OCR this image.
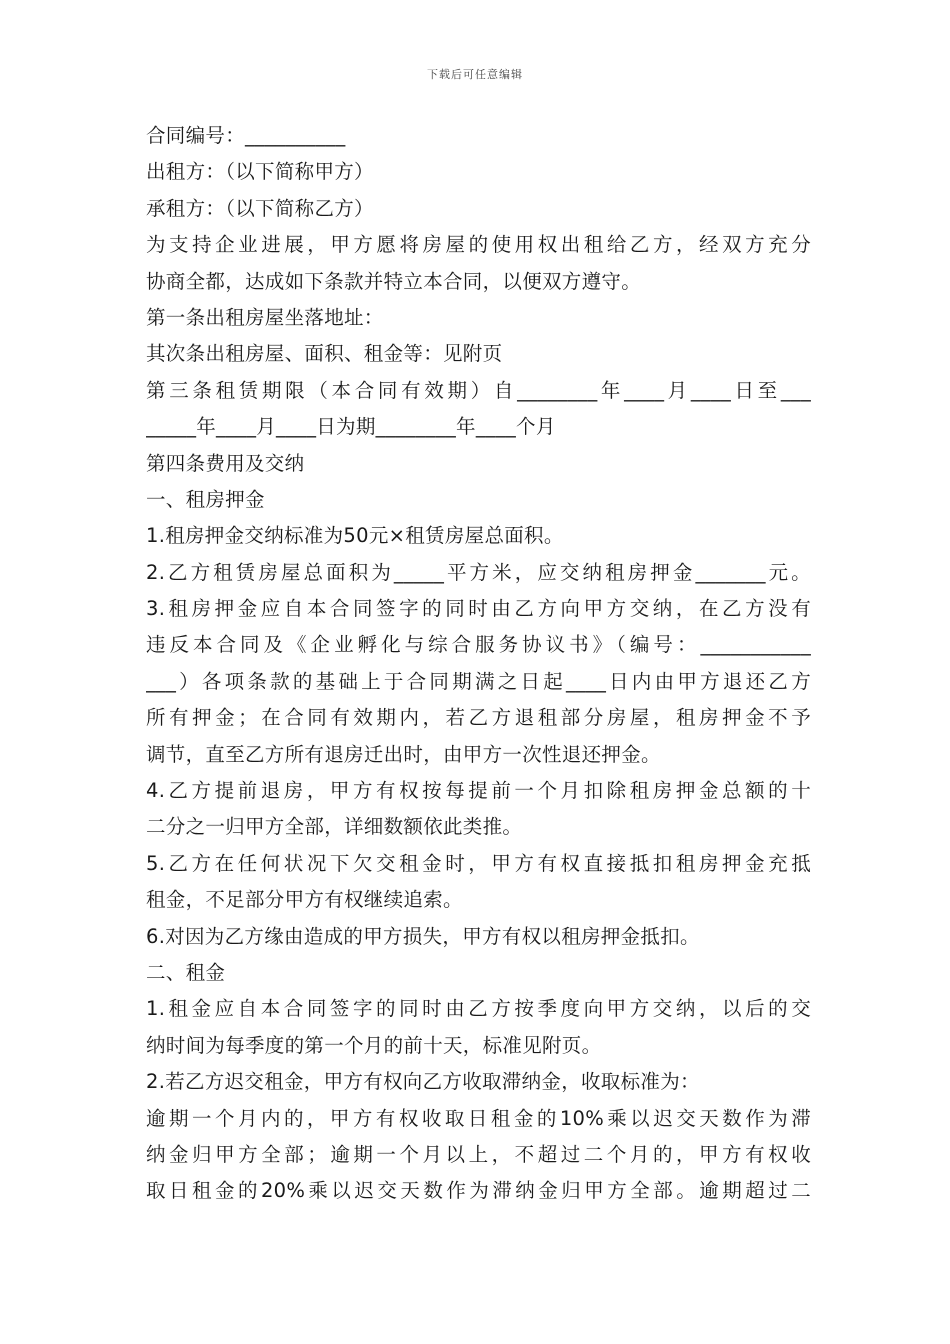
下载后可任意编辑
合同编号：__________
出租方：（以下简称甲方）
承租方：（以下简称乙方）
为支持企业进展，甲方愿将房屋的使用权出租给乙方，经双方充分
协商全都，达成如下条款并特立本合同，以便双方遵守。
第一条出租房屋坐落地址：
其次条出租房屋、面积、租金等：见附页
第三条租赁期限（本合同有效期）自________年____月____日至___
_____年____月____日为期________年____个月
第四条费用及交纳
一、租房押金
1.租房押金交纳标准为50元×租赁房屋总面积。
2.乙方租赁房屋总面积为_____平方米，应交纳租房押金_______元。
3.租房押金应自本合同签字的同时由乙方向甲方交纳，在乙方没有
违反本合同及《企业孵化与综合服务协议书》（编号：___________
___）各项条款的基础上于合同期满之日起____日内由甲方退还乙方
所有押金；在合同有效期内，若乙方退租部分房屋，租房押金不予
调节，直至乙方所有退房迁出时，由甲方一次性退还押金。
4.乙方提前退房，甲方有权按每提前一个月扣除租房押金总额的十
二分之一归甲方全部，详细数额依此类推。
5.乙方在任何状况下欠交租金时，甲方有权直接抵扣租房押金充抵
租金，不足部分甲方有权继续追索。
6.对因为乙方缘由造成的甲方损失，甲方有权以租房押金抵扣。
二、租金
1.租金应自本合同签字的同时由乙方按季度向甲方交纳，以后的交
纳时间为每季度的第一个月的前十天，标准见附页。
2.若乙方迟交租金，甲方有权向乙方收取滞纳金，收取标准为：
逾期一个月内的，甲方有权收取日租金的10%乘以迟交天数作为滞
纳金归甲方全部；逾期一个月以上，不超过二个月的，甲方有权收
取日租金的20%乘以迟交天数作为滞纳金归甲方全部。逾期超过二
